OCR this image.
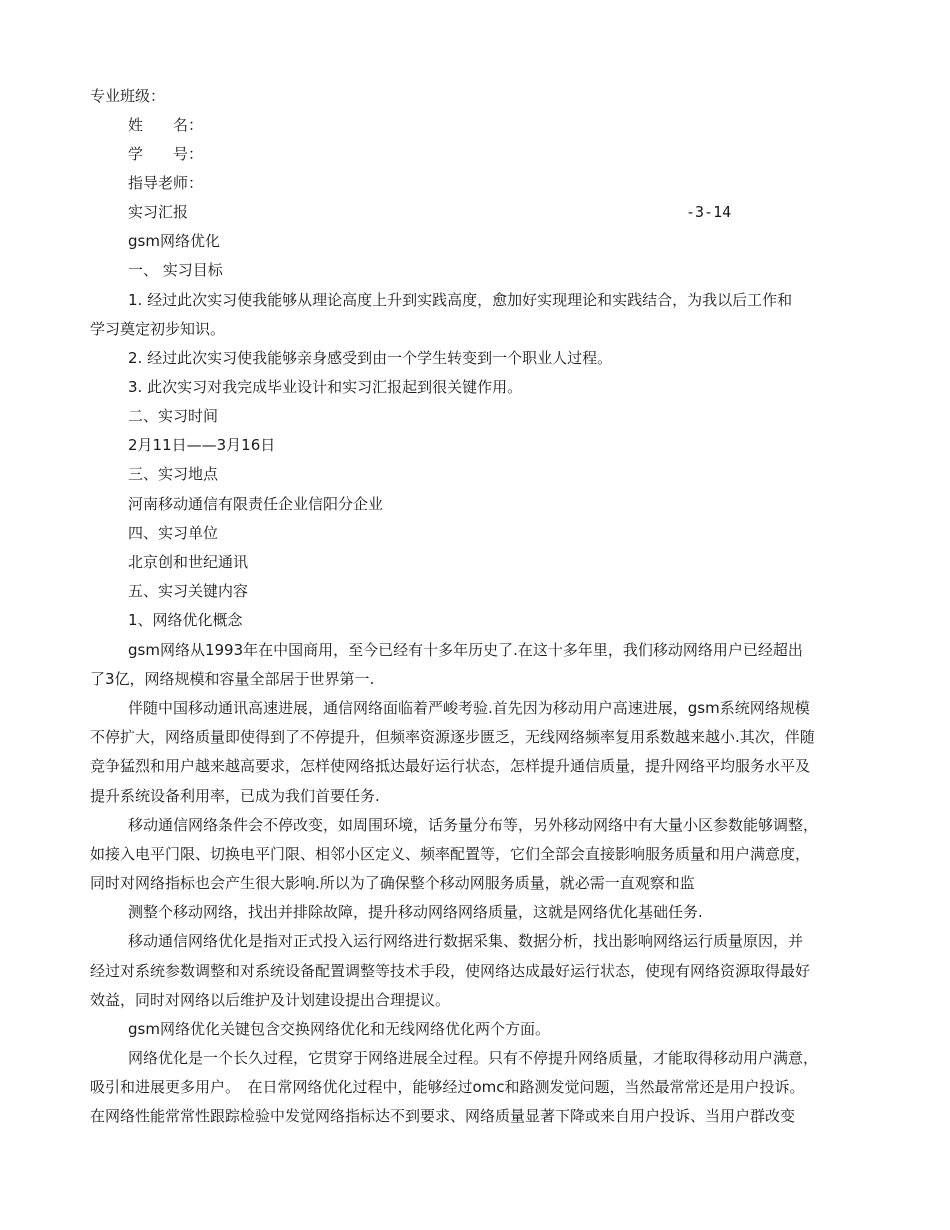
专业班级：
姓　　名：
学　　号：
指导老师：
实习汇报	-3-14
gsm网络优化
一、 实习目标
1. 经过此次实习使我能够从理论高度上升到实践高度，愈加好实现理论和实践结合，为我以后工作和
学习奠定初步知识。
2. 经过此次实习使我能够亲身感受到由一个学生转变到一个职业人过程。
3. 此次实习对我完成毕业设计和实习汇报起到很关键作用。
二、实习时间
2月11日——3月16日
三、实习地点
河南移动通信有限责任企业信阳分企业
四、实习单位
北京创和世纪通讯
五、实习关键内容
1、网络优化概念
gsm网络从1993年在中国商用，至今已经有十多年历史了.在这十多年里，我们移动网络用户已经超出
了3亿，网络规模和容量全部居于世界第一.
伴随中国移动通讯高速进展，通信网络面临着严峻考验.首先因为移动用户高速进展，gsm系统网络规模
不停扩大，网络质量即使得到了不停提升，但频率资源逐步匮乏，无线网络频率复用系数越来越小.其次，伴随
竞争猛烈和用户越来越高要求，怎样使网络抵达最好运行状态，怎样提升通信质量，提升网络平均服务水平及
提升系统设备利用率，已成为我们首要任务.
移动通信网络条件会不停改变，如周围环境，话务量分布等，另外移动网络中有大量小区参数能够调整，
如接入电平门限、切换电平门限、相邻小区定义、频率配置等，它们全部会直接影响服务质量和用户满意度，
同时对网络指标也会产生很大影响.所以为了确保整个移动网服务质量，就必需一直观察和监
测整个移动网络，找出并排除故障，提升移动网络网络质量，这就是网络优化基础任务.
移动通信网络优化是指对正式投入运行网络进行数据采集、数据分析，找出影响网络运行质量原因，并
经过对系统参数调整和对系统设备配置调整等技术手段，使网络达成最好运行状态，使现有网络资源取得最好
效益，同时对网络以后维护及计划建设提出合理提议。
gsm网络优化关键包含交换网络优化和无线网络优化两个方面。
网络优化是一个长久过程，它贯穿于网络进展全过程。只有不停提升网络质量，才能取得移动用户满意，
吸引和进展更多用户。　在日常网络优化过程中，能够经过omc和路测发觉问题，当然最常常还是用户投诉。
在网络性能常常性跟踪检验中发觉网络指标达不到要求、网络质量显著下降或来自用户投诉、当用户群改变
